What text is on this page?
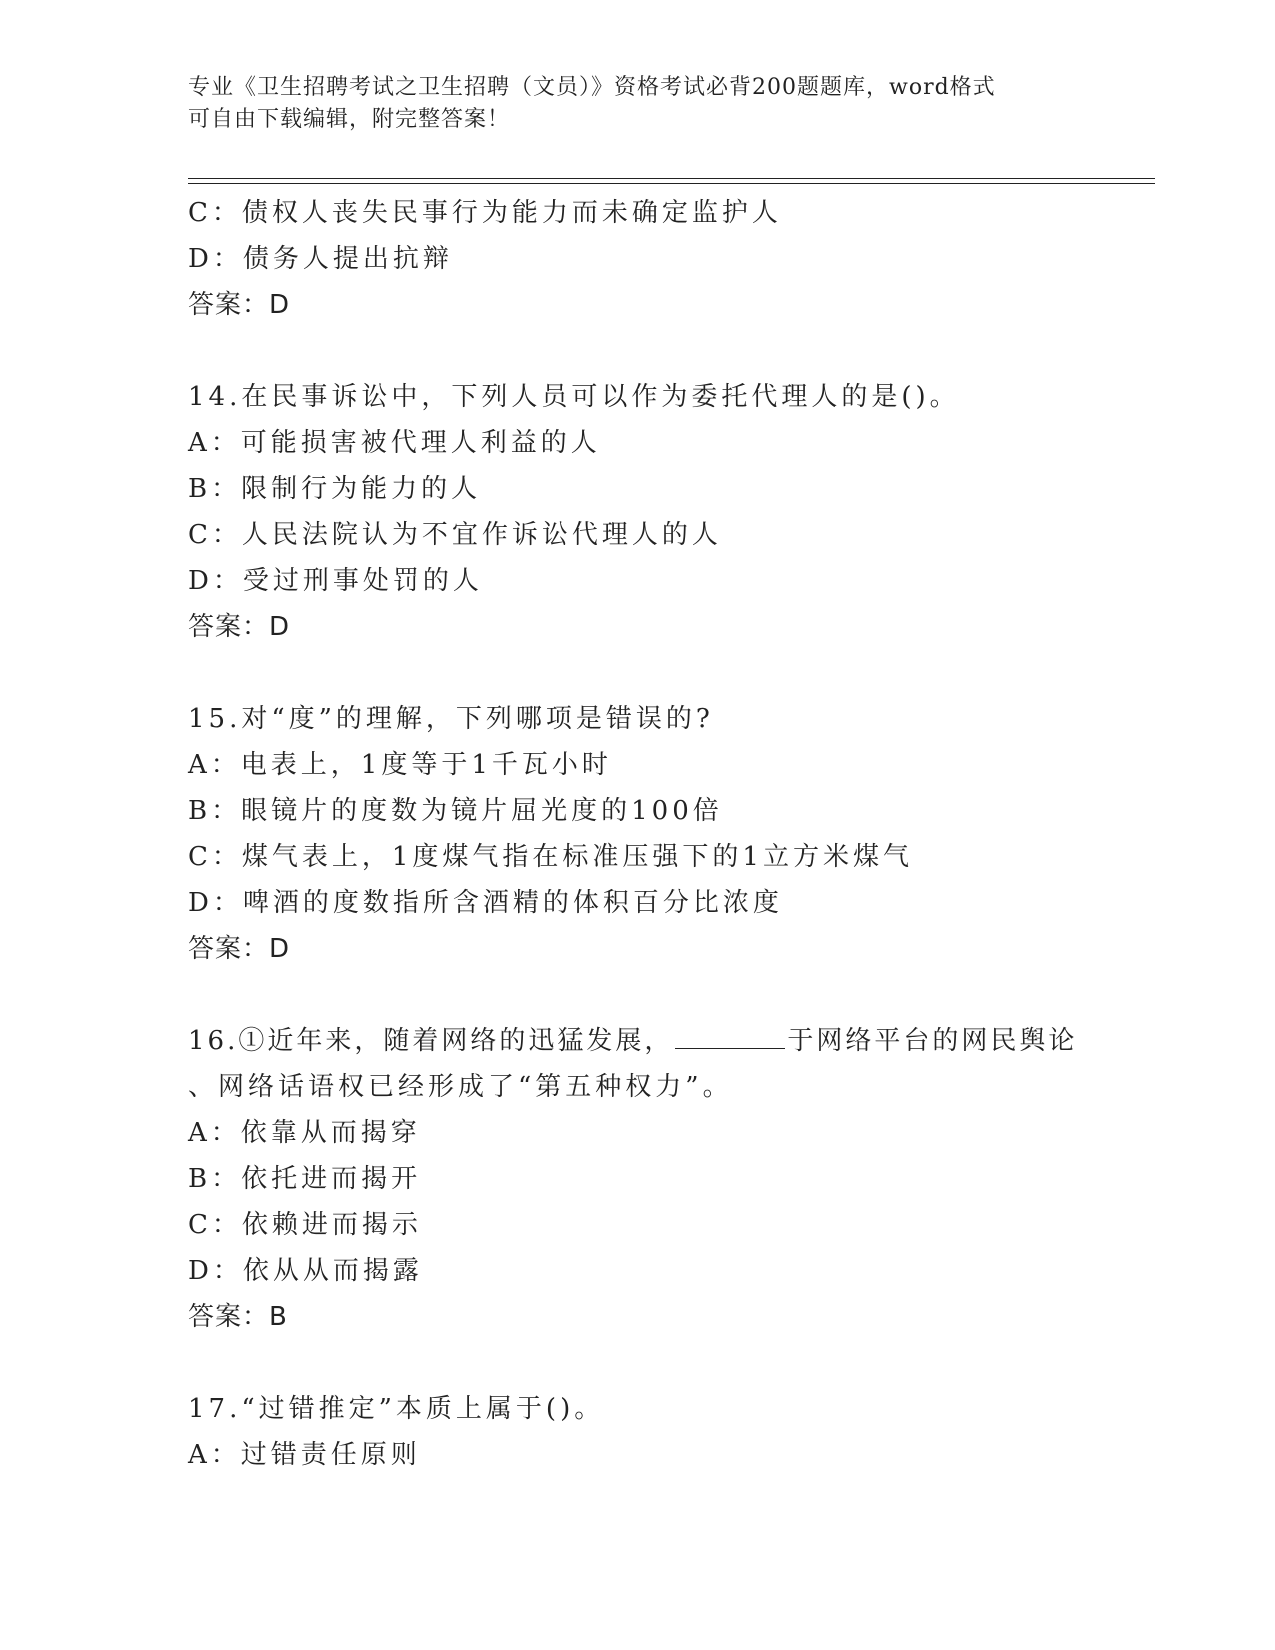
专业《卫生招聘考试之卫生招聘（文员）》资格考试必背200题题库，word格式
可自由下载编辑，附完整答案！
C：债权人丧失民事行为能力而未确定监护人
D：债务人提出抗辩
答案：D
14.在民事诉讼中，下列人员可以作为委托代理人的是()。
A：可能损害被代理人利益的人
B：限制行为能力的人
C：人民法院认为不宜作诉讼代理人的人
D：受过刑事处罚的人
答案：D
15.对“度”的理解，下列哪项是错误的?
A：电表上，1度等于1千瓦小时
B：眼镜片的度数为镜片屈光度的100倍
C：煤气表上，1度煤气指在标准压强下的1立方米煤气
D：啤酒的度数指所含酒精的体积百分比浓度
答案：D
16.①近年来，随着网络的迅猛发展，	于网络平台的网民舆论
、网络话语权已经形成了“第五种权力”。
A：依靠从而揭穿
B：依托进而揭开
C：依赖进而揭示
D：依从从而揭露
答案：B
17.“过错推定”本质上属于()。
A：过错责任原则
